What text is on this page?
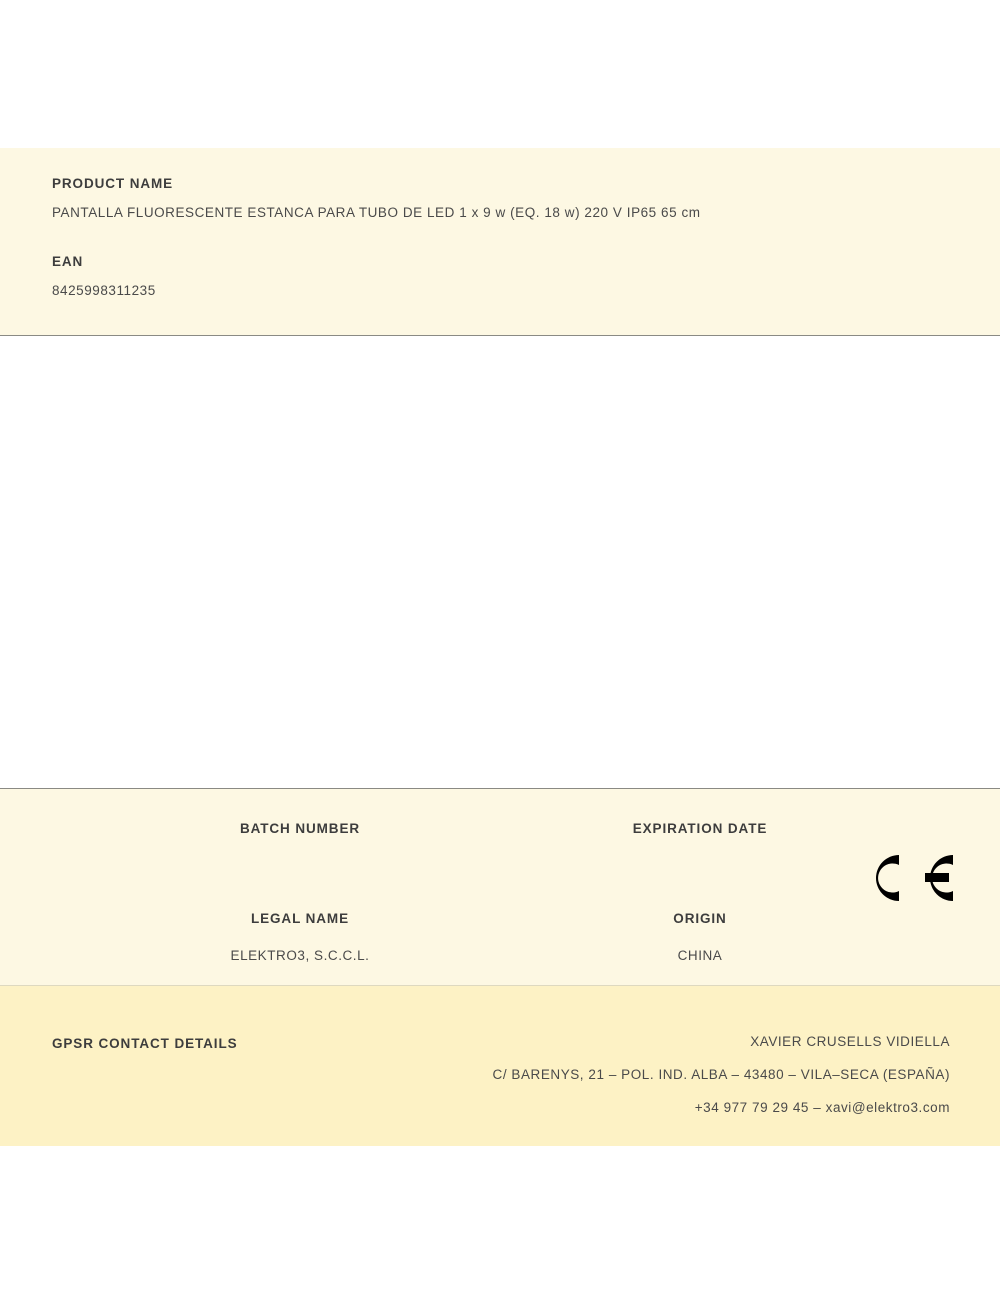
PRODUCT NAME

PANTALLA FLUORESCENTE ESTANCA PARA TUBO DE LED 1 x 9 w (EQ. 18 w) 220 V IP65 65 cm

EAN

8425998311235

BATCH NUMBER	EXPIRATION DATE

LEGAL NAME

ELEKTRO3, S.C.C.L.

ORIGIN

CHINA

GPSR CONTACT DETAILS	XAVIER CRUSELLS VIDIELLA

C/ BARENYS, 21 – POL. IND. ALBA – 43480 – VILA–SECA (ESPAÑA)

+34 977 79 29 45 – xavi@elektro3.com
